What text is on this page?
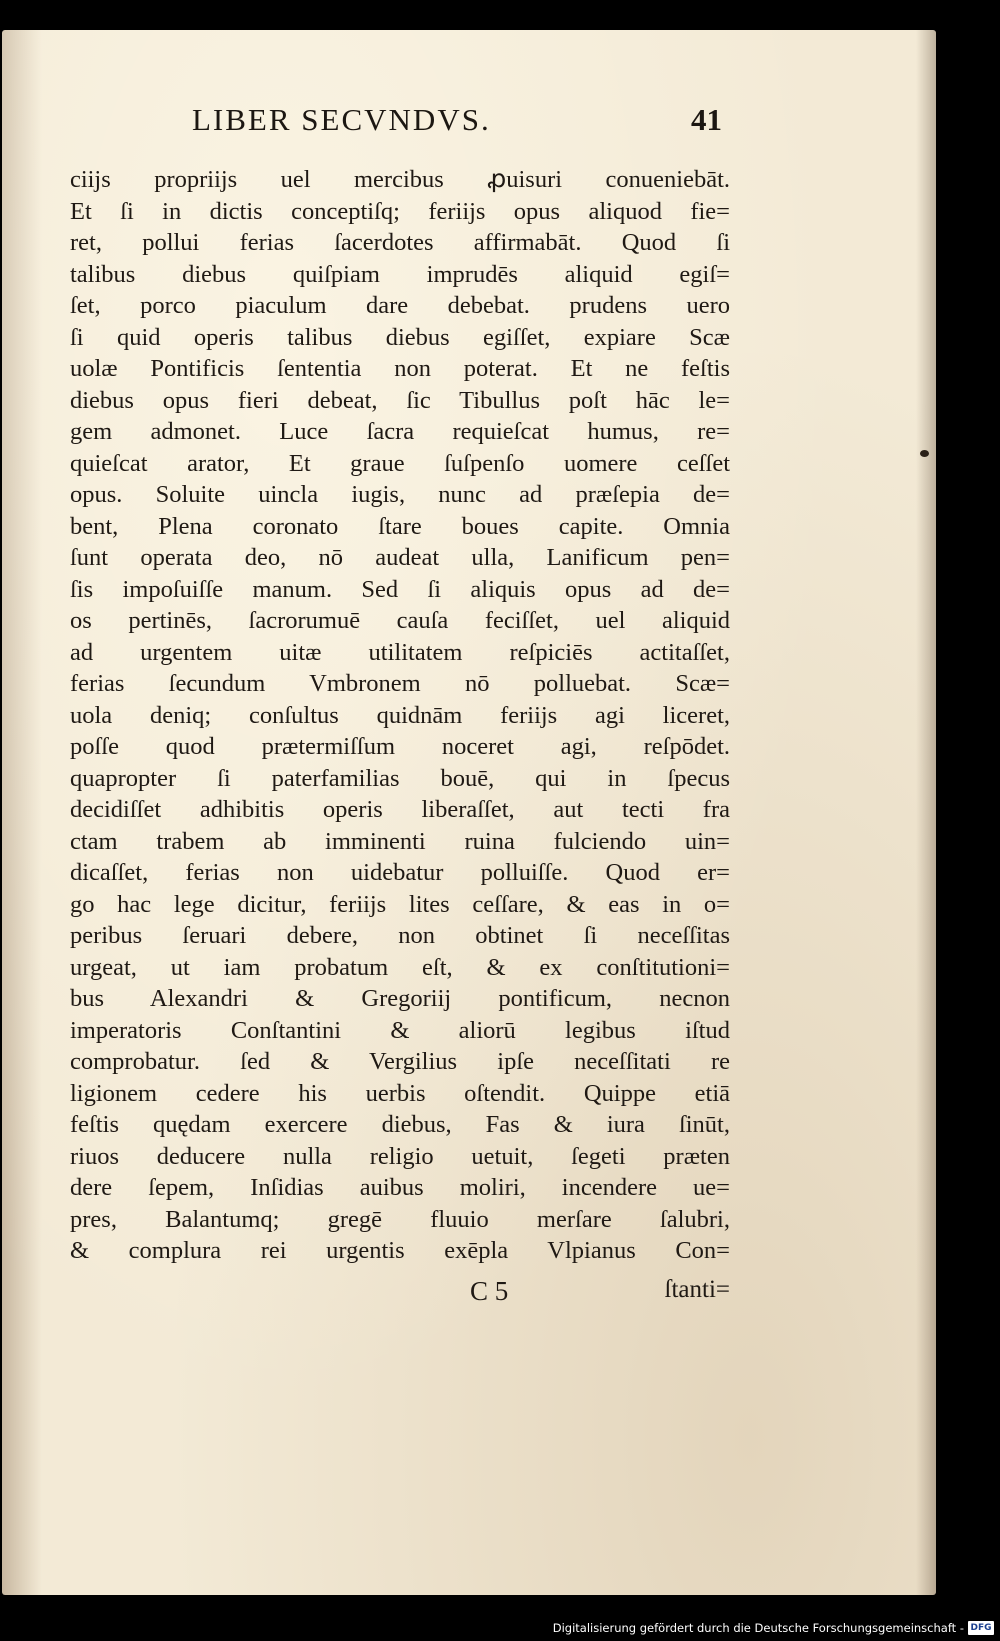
LIBER SECVNDVS.	41
ciĳs propriĳs uel mercibus ꝓuisuri conueniebāt.
Et ſi in dictis conceptiſq; feriĳs opus aliquod fie=
ret, pollui ferias ſacerdotes affirmabāt. Quod ſi
talibus diebus quiſpiam imprudēs aliquid egiſ=
ſet, porco piaculum dare debebat. prudens uero
ſi quid operis talibus diebus egiſſet, expiare Scæ
uolæ Pontificis ſententia non poterat. Et ne feſtis
diebus opus fieri debeat, ſic Tibullus poſt hāc le=
gem admonet. Luce ſacra requieſcat humus, re=
quieſcat arator, Et graue ſuſpenſo uomere ceſſet
opus. Soluite uincla iugis, nunc ad præſepia de=
bent, Plena coronato ſtare boues capite. Omnia
ſunt operata deo, nō audeat ulla, Lanificum pen=
ſis impoſuiſſe manum. Sed ſi aliquis opus ad de=
os pertinēs, ſacrorumuē cauſa feciſſet, uel aliquid
ad urgentem uitæ utilitatem reſpiciēs actitaſſet,
ferias ſecundum Vmbronem nō polluebat. Scæ=
uola deniq; conſultus quidnām feriĳs agi liceret,
poſſe quod prætermiſſum noceret agi, reſpōdet.
quapropter ſi paterfamilias bouē, qui in ſpecus
decidiſſet adhibitis operis liberaſſet, aut tecti fra
ctam trabem ab imminenti ruina fulciendo uin=
dicaſſet, ferias non uidebatur polluiſſe. Quod er=
go hac lege dicitur, feriĳs lites ceſſare, & eas in o=
peribus ſeruari debere, non obtinet ſi neceſſitas
urgeat, ut iam probatum eſt, & ex conſtitutioni=
bus Alexandri & Gregoriĳ pontificum, necnon
imperatoris Conſtantini & aliorū legibus iſtud
comprobatur. ſed & Vergilius ipſe neceſſitati re
ligionem cedere his uerbis oſtendit. Quippe etiā
feſtis quędam exercere diebus, Fas & iura ſinūt,
riuos deducere nulla religio uetuit, ſegeti præten
dere ſepem, Inſidias auibus moliri, incendere ue=
pres, Balantumq; gregē fluuio merſare ſalubri,
& complura rei urgentis exēpla Vlpianus Con=
C 5	ſtanti=
Digitalisierung gefördert durch die Deutsche Forschungsgemeinschaft - DFG
